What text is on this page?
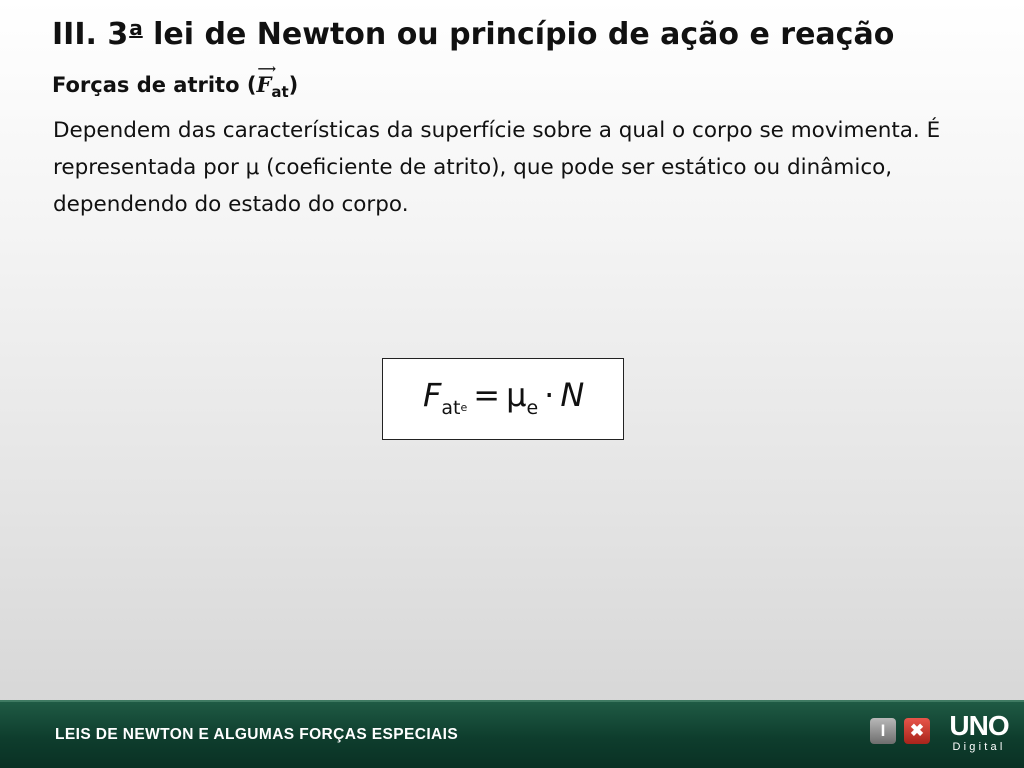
III. 3$^a$ lei de Newton ou princípio de ação e reação
Forças de atrito (
⟶
$F_{at}$)

Dependem das características da superfície sobre a qual o corpo se movimenta. É representada por μ (coeficiente de atrito), que pode ser estático ou dinâmico, dependendo do estado do corpo.

$F_{at}e = \mu_e \cdot N$
LEIS DE NEWTON E ALGUMAS FORÇAS ESPECIAIS	I	✖ UNO
Digital
